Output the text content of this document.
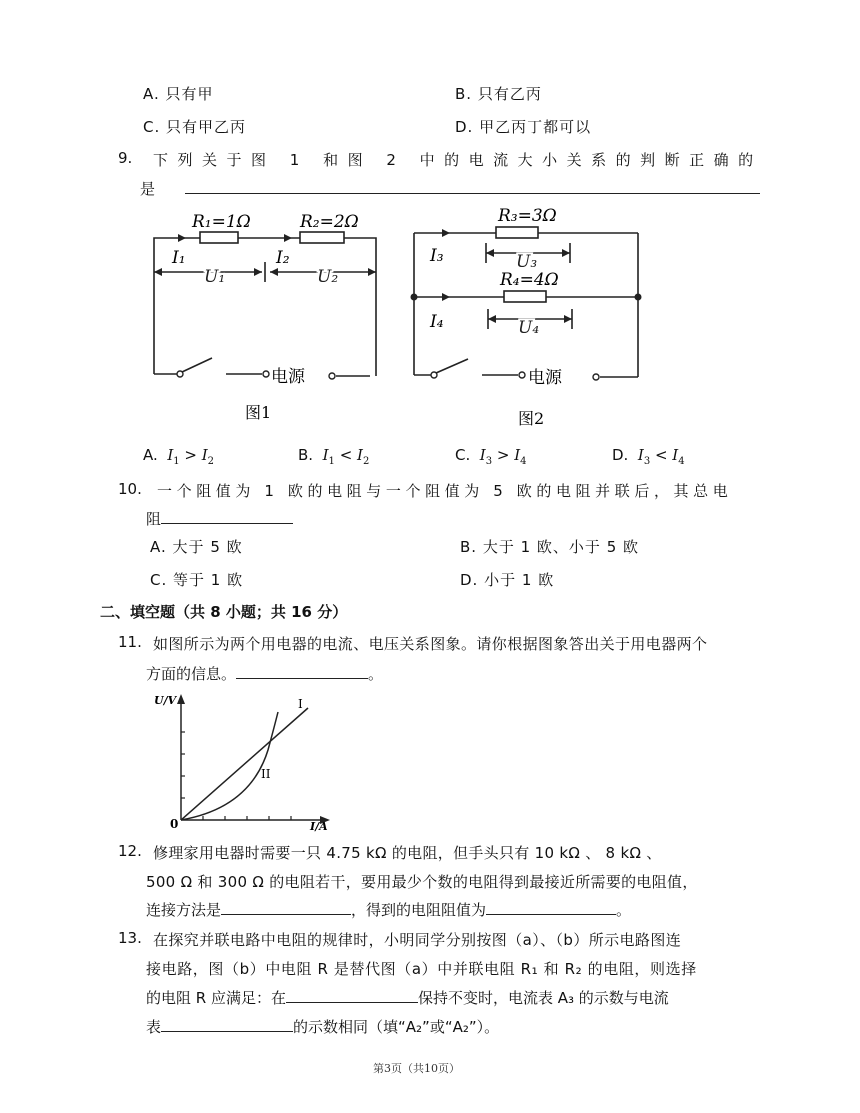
A. 只有甲	B. 只有乙丙
C. 只有甲乙丙	D. 甲乙丙丁都可以
9. 下列关于图 1 和图 2 中的电流大小关系的判断正确的
是
R₁=1Ω	R₂=2Ω
I₁	I₂
U₁	U₂
电源
图1
R₃=3Ω
R₄=4Ω
I₃
I₄
U₃
U₄
电源
图2
A. $I_1 > I_2$	B. $I_1 < I_2$	C. $I_3 > I_4$	D. $I_3 < I_4$
10. 一个阻值为 1 欧的电阻与一个阻值为 5 欧的电阻并联后，其总电
阻
A. 大于 5 欧	B. 大于 1 欧、小于 5 欧
C. 等于 1 欧	D. 小于 1 欧
二、填空题（共 8 小题；共 16 分）
11. 如图所示为两个用电器的电流、电压关系图象。请你根据图象答出关于用电器两个
方面的信息。	。
U/V
I/A
0
I
II
12. 修理家用电器时需要一只 4.75 kΩ 的电阻，但手头只有 10 kΩ 、 8 kΩ 、
500 Ω 和 300 Ω 的电阻若干，要用最少个数的电阻得到最接近所需要的电阻值，
连接方法是	，得到的电阻阻值为	。
13. 在探究并联电路中电阻的规律时，小明同学分别按图（a）、（b）所示电路图连
接电路，图（b）中电阻 R 是替代图（a）中并联电阻 R₁ 和 R₂ 的电阻，则选择
的电阻 R 应满足：在	保持不变时，电流表 A₃ 的示数与电流
表	的示数相同（填“A₂”或“A₂”）。
第3页（共10页）
